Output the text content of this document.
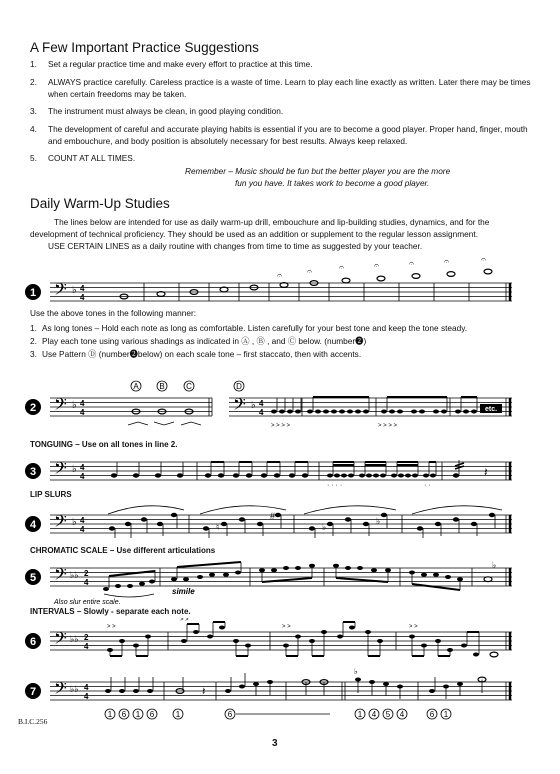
A Few Important Practice Suggestions
1. Set a regular practice time and make every effort to practice at this time.
2. ALWAYS practice carefully. Careless practice is a waste of time. Learn to play each line exactly as written. Later there may be times when certain freedoms may be taken.
3. The instrument must always be clean, in good playing condition.
4. The development of careful and accurate playing habits is essential if you are to become a good player. Proper hand, finger, mouth and embouchure, and body position is absolutely necessary for best results. Always keep relaxed.
5. COUNT AT ALL TIMES.
Remember – Music should be fun but the better player you are the more
fun you have. It takes work to become a good player.
Daily Warm-Up Studies
The lines below are intended for use as daily warm-up drill, embouchure and lip-building studies, dynamics, and for the development of technical proficiency. They should be used as an addition or supplement to the regular lesson assignment.
USE CERTAIN LINES as a daily routine with changes from time to time as suggested by your teacher.
1 𝄢 ♭ 4
4
𝄐	𝄐	𝄐	𝄐	𝄐	𝄐	𝄐
Use the above tones in the following manner:
1. As long tones – Hold each note as long as comfortable. Listen carefully for your best tone and keep the tone steady.
2. Play each tone using various shadings as indicated in Ⓐ , Ⓑ , and Ⓒ below. (number❷)
3. Use Pattern Ⓓ (number❷below) on each scale tone – first staccato, then with accents.
2 𝄢 ♭ 4
4	𝄢 ♭ 4
4
A	B	C	D
etc.
> > > >	> > > >
TONGUING – Use on all tones in line 2.
3 𝄢 ♭ 4
4	𝄽
· · · ·	· ·
LIP SLURS
4 𝄢 ♭ 4
4	♮
#
♭
♭
CHROMATIC SCALE – Use different articulations
5 𝄢 ♭♭ 2
4
♭
simile
Also slur entire scale.
INTERVALS – Slowly - separate each note.
6 𝄢 ♭♭ 2
4
> >
> >
> >	> >
7 𝄢 ♭♭ 4
4	𝄽
♭
1 6 1 6	1	6	1 4 5 4	6 1
B.I.C.256
3
